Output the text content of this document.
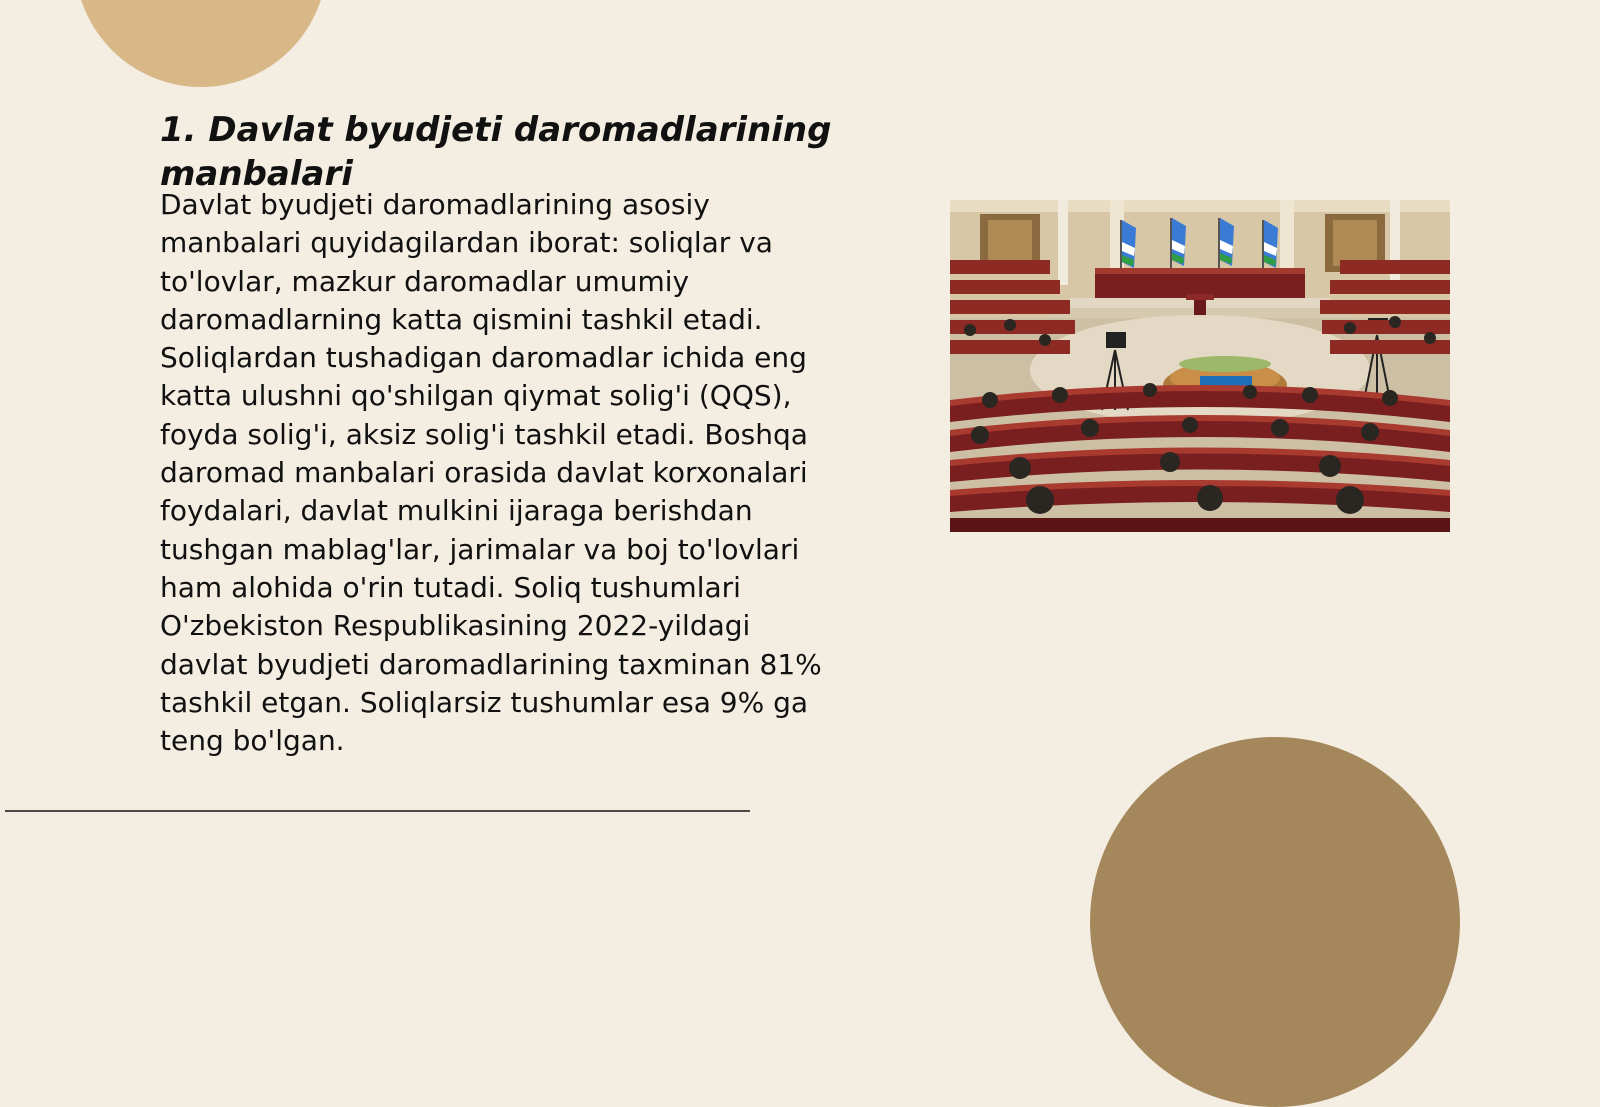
1. Davlat byudjeti daromadlarining manbalari

Davlat byudjeti daromadlarining asosiy manbalari quyidagilardan iborat: soliqlar va to'lovlar, mazkur daromadlar umumiy daromadlarning katta qismini tashkil etadi. Soliqlardan tushadigan daromadlar ichida eng katta ulushni qo'shilgan qiymat solig'i (QQS), foyda solig'i, aksiz solig'i tashkil etadi. Boshqa daromad manbalari orasida davlat korxonalari foydalari, davlat mulkini ijaraga berishdan tushgan mablag'lar, jarimalar va boj to'lovlari ham alohida o'rin tutadi. Soliq tushumlari O'zbekiston Respublikasining 2022-yildagi davlat byudjeti daromadlarining taxminan 81% tashkil etgan. Soliqlarsiz tushumlar esa 9% ga teng bo'lgan.
